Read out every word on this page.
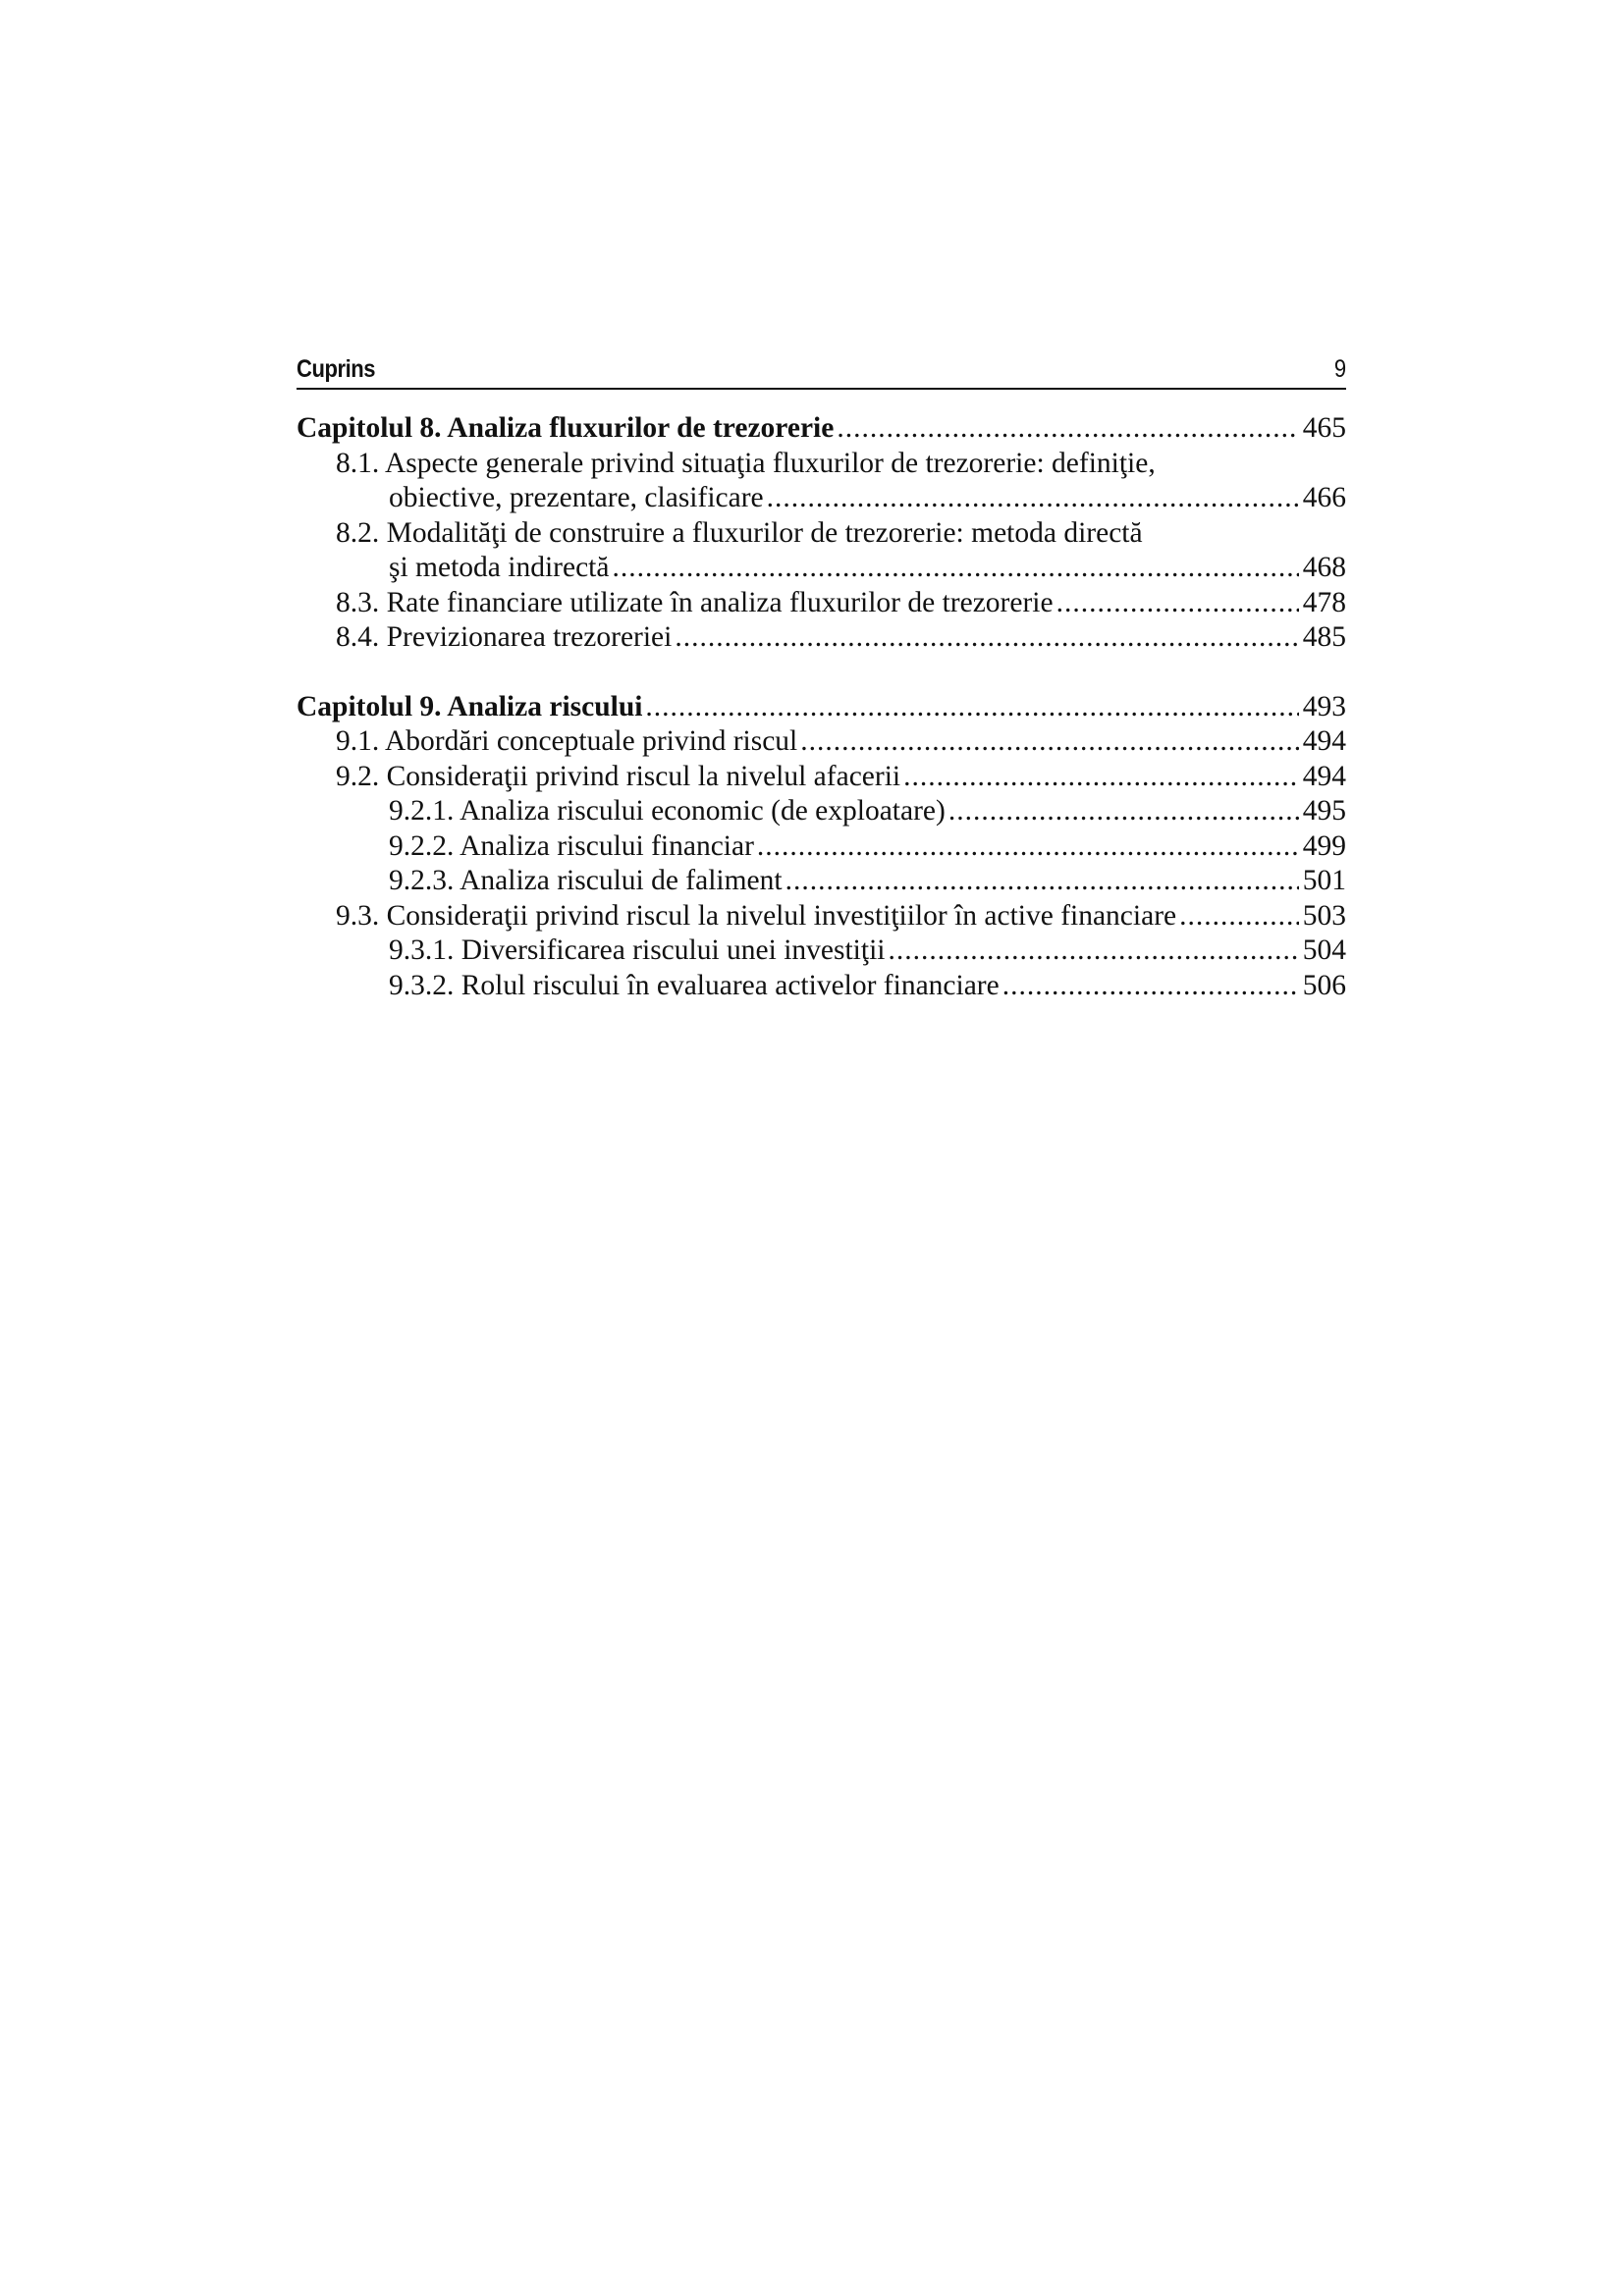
Cuprins	9
Capitolul 8. Analiza fluxurilor de trezorerie .....	465
8.1. Aspecte generale privind situaţia fluxurilor de trezorerie: definiţie,
obiective, prezentare, clasificare .....	466
8.2. Modalităţi de construire a fluxurilor de trezorerie: metoda directă
şi metoda indirectă .....	468
8.3. Rate financiare utilizate în analiza fluxurilor de trezorerie .....	478
8.4. Previzionarea trezoreriei .....	485
Capitolul 9. Analiza riscului .....	493
9.1. Abordări conceptuale privind riscul .....	494
9.2. Consideraţii privind riscul la nivelul afacerii .....	494
9.2.1. Analiza riscului economic (de exploatare) .....	495
9.2.2. Analiza riscului financiar .....	499
9.2.3. Analiza riscului de faliment .....	501
9.3. Consideraţii privind riscul la nivelul investiţiilor în active financiare .....	503
9.3.1. Diversificarea riscului unei investiţii .....	504
9.3.2. Rolul riscului în evaluarea activelor financiare .....	506
